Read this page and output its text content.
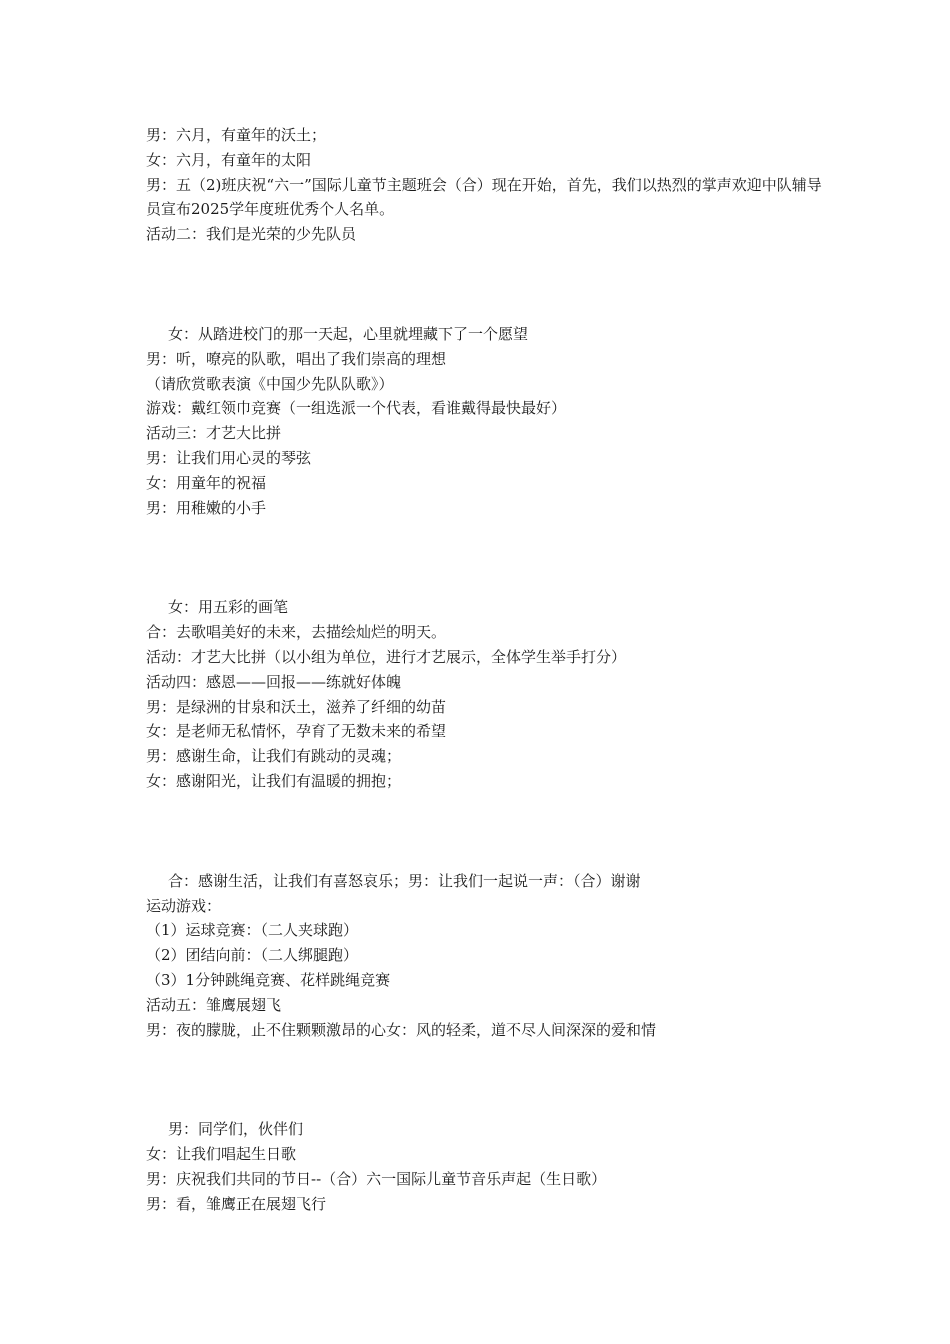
男：六月，有童年的沃土；

女：六月，有童年的太阳

男：五（2)班庆祝“六一”国际儿童节主题班会（合）现在开始，首先，我们以热烈的掌声欢迎中队辅导员宣布2025学年度班优秀个人名单。

活动二：我们是光荣的少先队员

女：从踏进校门的那一天起，心里就埋藏下了一个愿望

男：听，嘹亮的队歌，唱出了我们崇高的理想

（请欣赏歌表演《中国少先队队歌》）

游戏：戴红领巾竞赛（一组选派一个代表，看谁戴得最快最好）

活动三：才艺大比拼

男：让我们用心灵的琴弦

女：用童年的祝福

男：用稚嫩的小手

女：用五彩的画笔

合：去歌唱美好的未来，去描绘灿烂的明天。

活动：才艺大比拼（以小组为单位，进行才艺展示，全体学生举手打分）

活动四：感恩——回报——练就好体魄

男：是绿洲的甘泉和沃土，滋养了纤细的幼苗

女：是老师无私情怀，孕育了无数未来的希望

男：感谢生命，让我们有跳动的灵魂；

女：感谢阳光，让我们有温暖的拥抱；

合：感谢生活，让我们有喜怒哀乐；男：让我们一起说一声：（合）谢谢

运动游戏：

（1）运球竞赛：（二人夹球跑）

（2）团结向前：（二人绑腿跑）

（3）1分钟跳绳竞赛、花样跳绳竞赛

活动五：雏鹰展翅飞

男：夜的朦胧，止不住颗颗激昂的心女：风的轻柔，道不尽人间深深的爱和情

男：同学们，伙伴们

女：让我们唱起生日歌

男：庆祝我们共同的节日--（合）六一国际儿童节音乐声起（生日歌）

男：看，雏鹰正在展翅飞行
